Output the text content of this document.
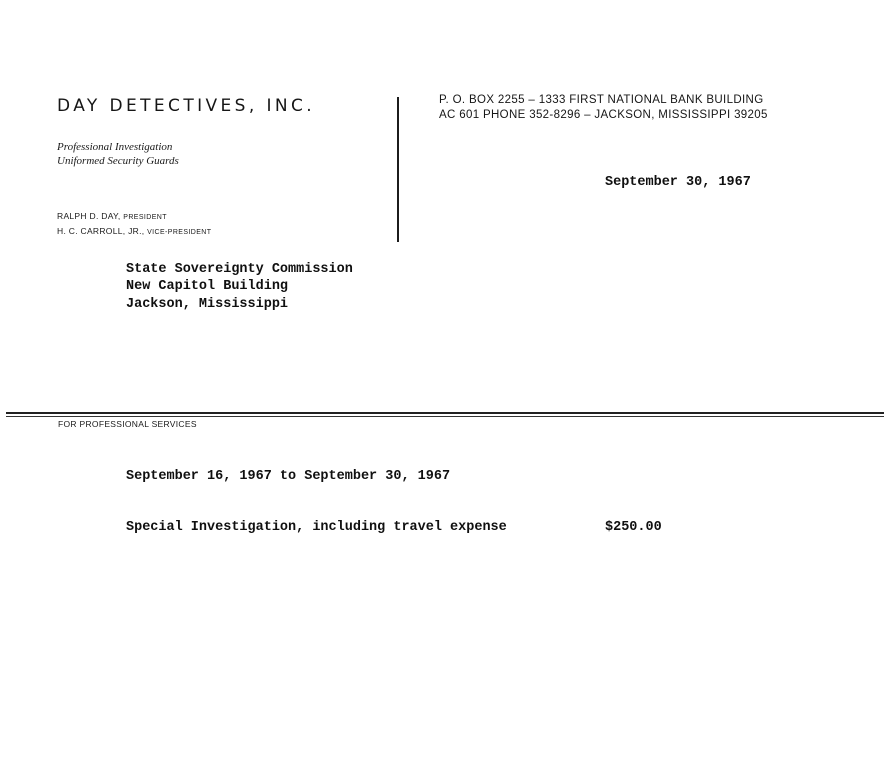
DAY DETECTIVES, INC.
Professional Investigation
Uniformed Security Guards
RALPH D. DAY, PRESIDENT
H. C. CARROLL, JR., VICE-PRESIDENT
P. O. BOX 2255 – 1333 FIRST NATIONAL BANK BUILDING
AC 601 PHONE 352-8296 – JACKSON, MISSISSIPPI 39205
September 30, 1967
State Sovereignty Commission
New Capitol Building
Jackson, Mississippi
FOR PROFESSIONAL SERVICES
September 16, 1967 to September 30, 1967
Special Investigation, including travel expense	$250.00
